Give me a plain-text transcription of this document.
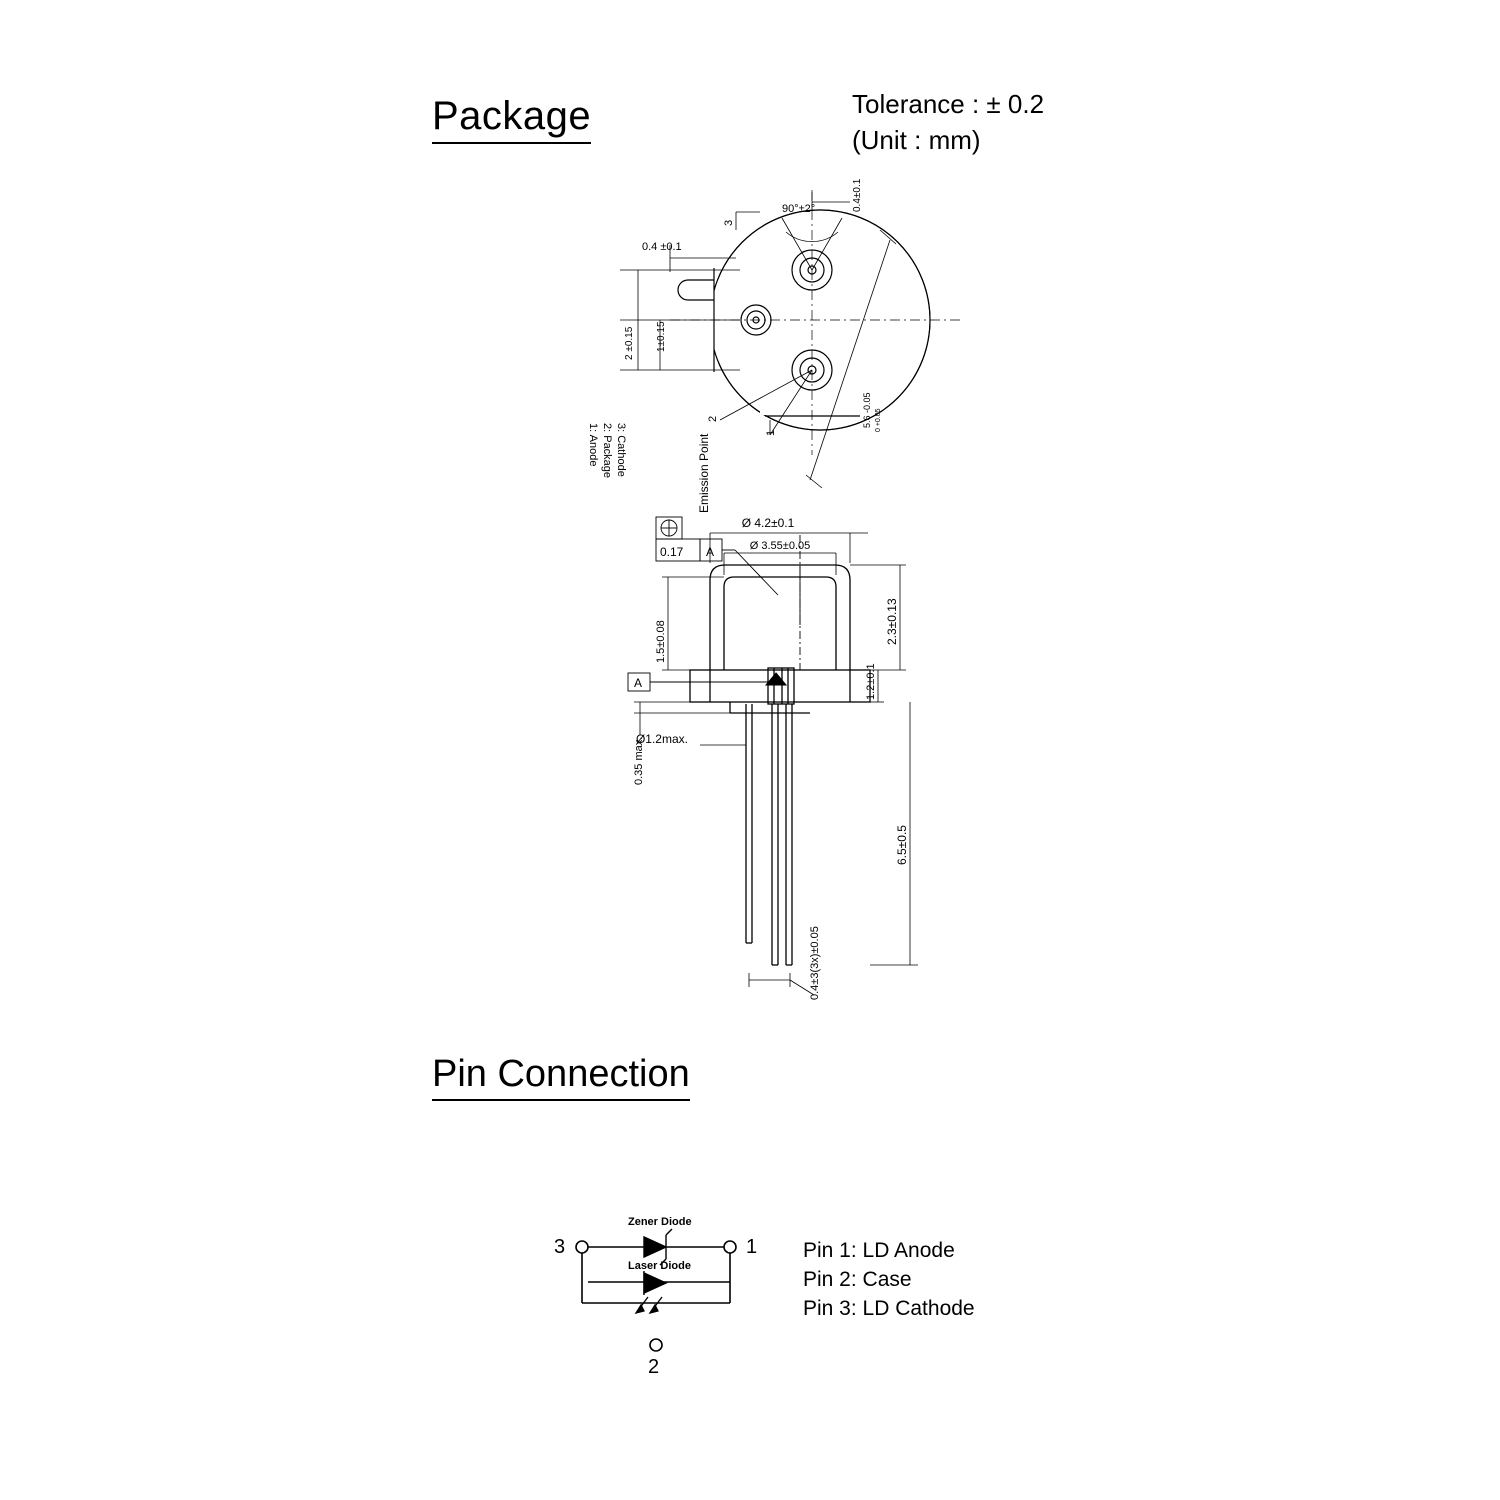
Package	Tolerance : ± 0.2
(Unit : mm)
90°±2°	0.4±0.1
0.4 ±0.1
1±0.15
2 ±0.15
5.6 -0.05 0 +0.05
3
2
1
1: Anode 2: Package 3: Cathode
A
0.17 A
Emission Point
Ø 4.2±0.1
Ø 3.55±0.05
2.3±0.13
1.2±0.1
6.5±0.5
1.5±0.08
0.35 max.
Ø1.2max.
0.4±3(3x)±0.05
Pin Connection
Zener Diode
Laser Diode
3	1
2
Pin 1: LD Anode
Pin 2: Case
Pin 3: LD Cathode
